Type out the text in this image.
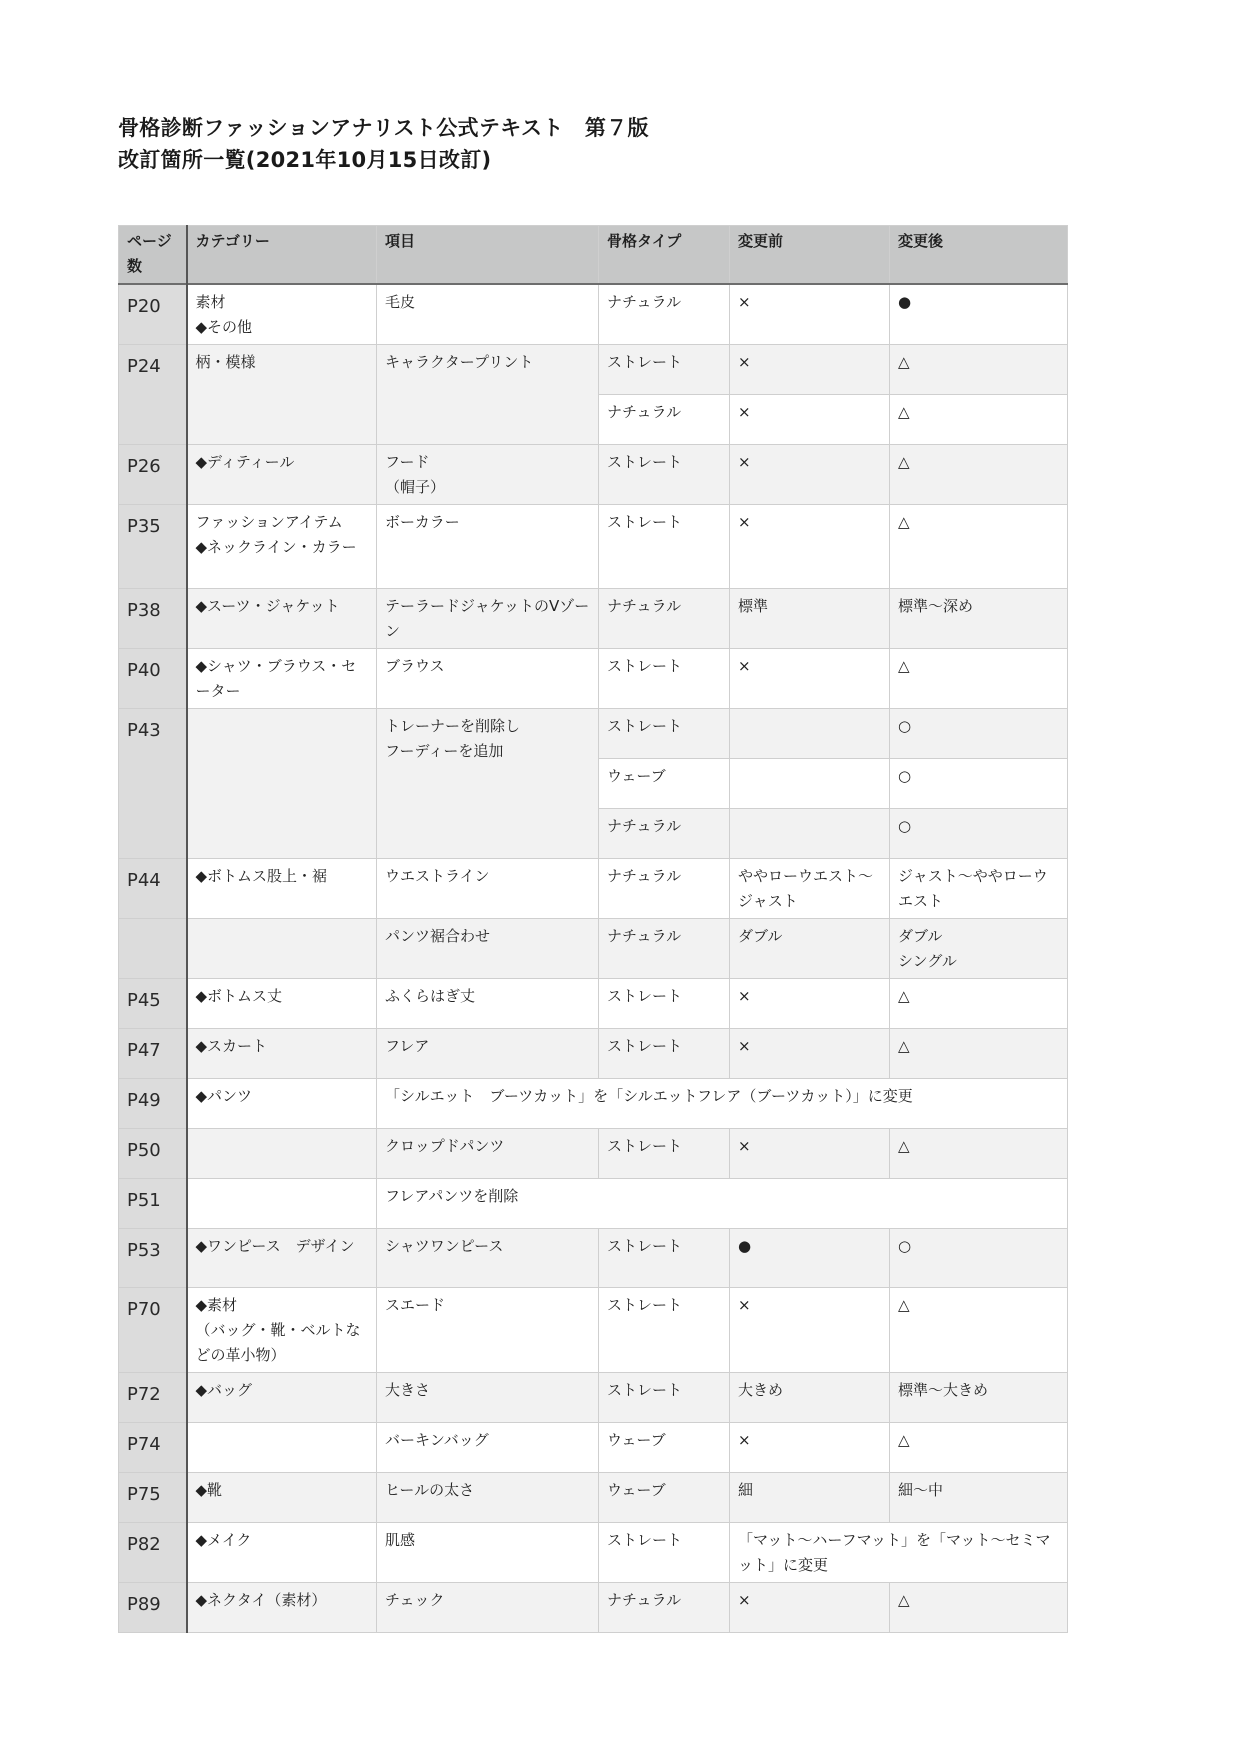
骨格診断ファッションアナリスト公式テキスト　第７版
改訂箇所一覧(2021年10月15日改訂)
ページ数	カテゴリー	項目	骨格タイプ	変更前	変更後
P20	素材
◆その他	毛皮	ナチュラル	×	●
P24	柄・模様	キャラクタープリント	ストレート	×	△
			ナチュラル	×	△
P26	◆ディティール	フード
（帽子）	ストレート	×	△
P35	ファッションアイテム
◆ネックライン・カラー	ボーカラー	ストレート	×	△
P38	◆スーツ・ジャケット	テーラードジャケットのVゾーン	ナチュラル	標準	標準〜深め
P40	◆シャツ・ブラウス・セーター	ブラウス	ストレート	×	△
P43		トレーナーを削除し
フーディーを追加	ストレート		○
			ウェーブ		○
			ナチュラル		○
P44	◆ボトムス股上・裾	ウエストライン	ナチュラル	ややローウエスト〜ジャスト	ジャスト〜ややローウエスト
		パンツ裾合わせ	ナチュラル	ダブル	ダブル
シングル
P45	◆ボトムス丈	ふくらはぎ丈	ストレート	×	△
P47	◆スカート	フレア	ストレート	×	△
P49	◆パンツ	「シルエット　ブーツカット」を「シルエットフレア（ブーツカット）」に変更			
P50		クロップドパンツ	ストレート	×	△
P51		フレアパンツを削除			
P53	◆ワンピース　デザイン	シャツワンピース	ストレート	●	○
P70	◆素材
（バッグ・靴・ベルトなどの革小物）	スエード	ストレート	×	△
P72	◆バッグ	大きさ	ストレート	大きめ	標準〜大きめ
P74		バーキンバッグ	ウェーブ	×	△
P75	◆靴	ヒールの太さ	ウェーブ	細	細〜中
P82	◆メイク	肌感	ストレート	「マット〜ハーフマット」を「マット〜セミマット」に変更	
P89	◆ネクタイ（素材）	チェック	ナチュラル	×	△
